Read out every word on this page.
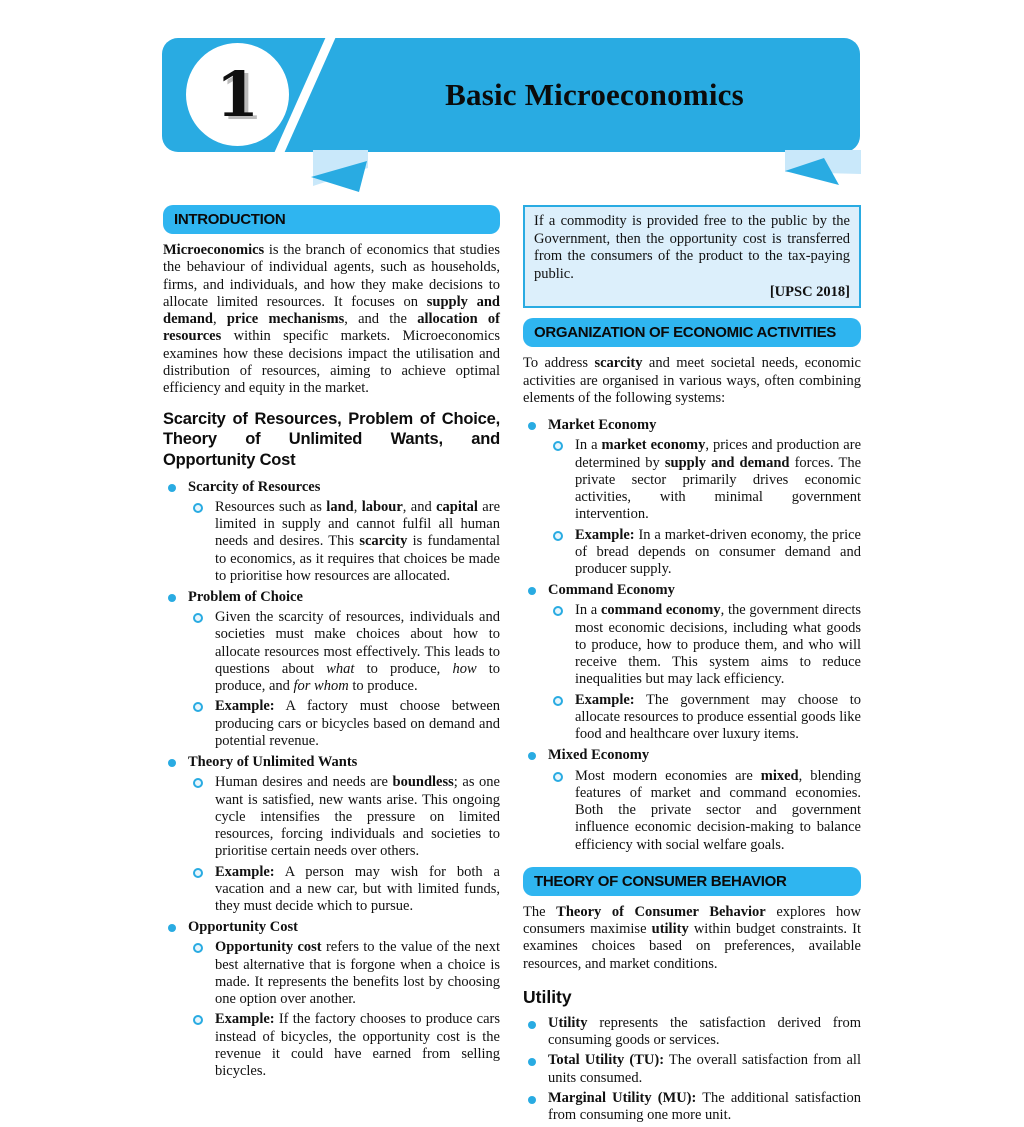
1	Basic Microeconomics
INTRODUCTION
Microeconomics is the branch of economics that studies the behaviour of individual agents, such as households, firms, and individuals, and how they make decisions to allocate limited resources. It focuses on supply and demand, price mechanisms, and the allocation of resources within specific markets. Microeconomics examines how these decisions impact the utilisation and distribution of resources, aiming to achieve optimal efficiency and equity in the market.
Scarcity of Resources, Problem of Choice, Theory of Unlimited Wants, and Opportunity Cost
Scarcity of Resources
Resources such as land, labour, and capital are limited in supply and cannot fulfil all human needs and desires. This scarcity is fundamental to economics, as it requires that choices be made to prioritise how resources are allocated.
Problem of Choice
Given the scarcity of resources, individuals and societies must make choices about how to allocate resources most effectively. This leads to questions about what to produce, how to produce, and for whom to produce.
Example: A factory must choose between producing cars or bicycles based on demand and potential revenue.
Theory of Unlimited Wants
Human desires and needs are boundless; as one want is satisfied, new wants arise. This ongoing cycle intensifies the pressure on limited resources, forcing individuals and societies to prioritise certain needs over others.
Example: A person may wish for both a vacation and a new car, but with limited funds, they must decide which to pursue.
Opportunity Cost
Opportunity cost refers to the value of the next best alternative that is forgone when a choice is made. It represents the benefits lost by choosing one option over another.
Example: If the factory chooses to produce cars instead of bicycles, the opportunity cost is the revenue it could have earned from selling bicycles.
If a commodity is provided free to the public by the Government, then the opportunity cost is transferred from the consumers of the product to the tax-paying public.
[UPSC 2018]
ORGANIZATION OF ECONOMIC ACTIVITIES
To address scarcity and meet societal needs, economic activities are organised in various ways, often combining elements of the following systems:
Market Economy
In a market economy, prices and production are determined by supply and demand forces. The private sector primarily drives economic activities, with minimal government intervention.
Example: In a market-driven economy, the price of bread depends on consumer demand and producer supply.
Command Economy
In a command economy, the government directs most economic decisions, including what goods to produce, how to produce them, and who will receive them. This system aims to reduce inequalities but may lack efficiency.
Example: The government may choose to allocate resources to produce essential goods like food and healthcare over luxury items.
Mixed Economy
Most modern economies are mixed, blending features of market and command economies. Both the private sector and government influence economic decision-making to balance efficiency with social welfare goals.
THEORY OF CONSUMER BEHAVIOR
The Theory of Consumer Behavior explores how consumers maximise utility within budget constraints. It examines choices based on preferences, available resources, and market conditions.
Utility
Utility represents the satisfaction derived from consuming goods or services.
Total Utility (TU): The overall satisfaction from all units consumed.
Marginal Utility (MU): The additional satisfaction from consuming one more unit.
